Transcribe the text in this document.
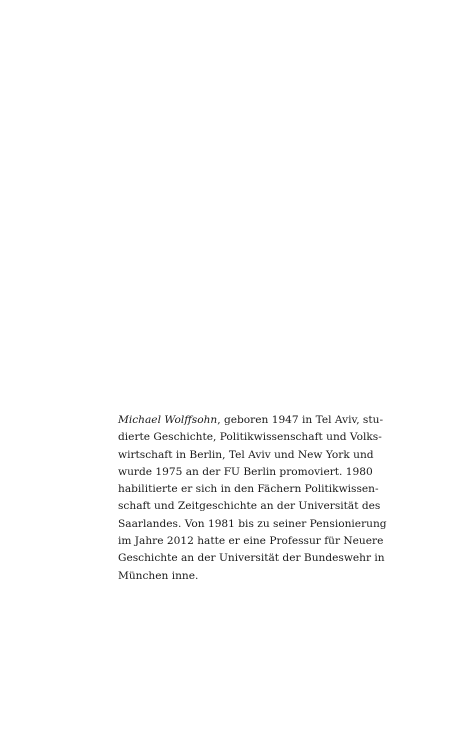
Michael Wolffsohn, geboren 1947 in Tel Aviv, stu-
dierte Geschichte, Politikwissenschaft und Volks-
wirtschaft in Berlin, Tel Aviv und New York und
wurde 1975 an der FU Berlin promoviert. 1980
habilitierte er sich in den Fächern Politikwissen-
schaft und Zeitgeschichte an der Universität des
Saarlandes. Von 1981 bis zu seiner Pensionierung
im Jahre 2012 hatte er eine Professur für Neuere
Geschichte an der Universität der Bundeswehr in
München inne.
